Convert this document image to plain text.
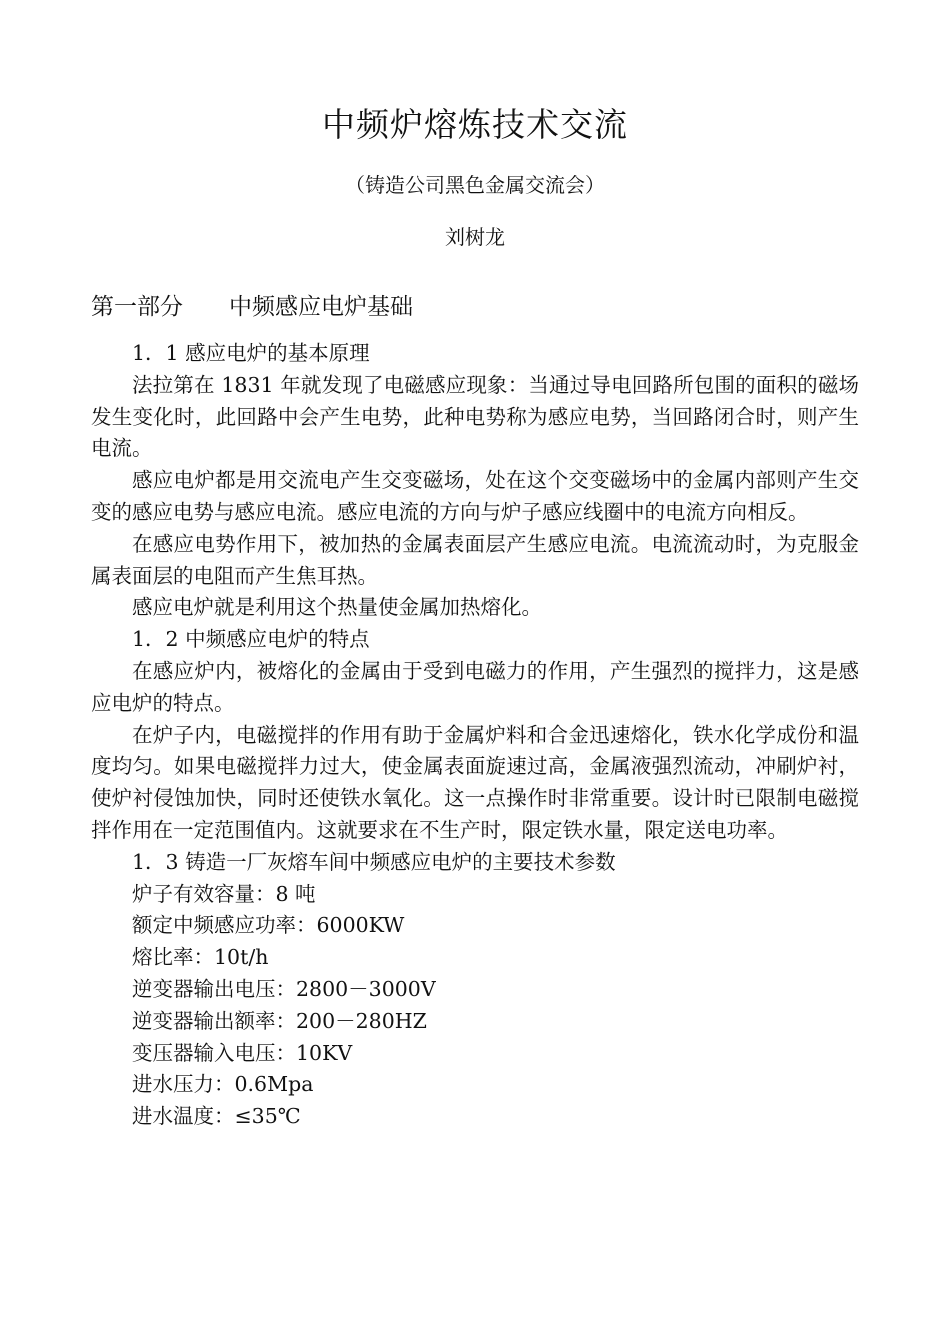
中频炉熔炼技术交流
（铸造公司黑色金属交流会）
刘树龙
第一部分　　中频感应电炉基础

1．1 感应电炉的基本原理

法拉第在 1831 年就发现了电磁感应现象：当通过导电回路所包围的面积的磁场发生变化时，此回路中会产生电势，此种电势称为感应电势，当回路闭合时，则产生电流。

感应电炉都是用交流电产生交变磁场，处在这个交变磁场中的金属内部则产生交变的感应电势与感应电流。感应电流的方向与炉子感应线圈中的电流方向相反。

在感应电势作用下，被加热的金属表面层产生感应电流。电流流动时，为克服金属表面层的电阻而产生焦耳热。

感应电炉就是利用这个热量使金属加热熔化。

1．2 中频感应电炉的特点

在感应炉内，被熔化的金属由于受到电磁力的作用，产生强烈的搅拌力，这是感应电炉的特点。

在炉子内，电磁搅拌的作用有助于金属炉料和合金迅速熔化，铁水化学成份和温度均匀。如果电磁搅拌力过大，使金属表面旋速过高，金属液强烈流动，冲刷炉衬，使炉衬侵蚀加快，同时还使铁水氧化。这一点操作时非常重要。设计时已限制电磁搅拌作用在一定范围值内。这就要求在不生产时，限定铁水量，限定送电功率。

1．3 铸造一厂灰熔车间中频感应电炉的主要技术参数

炉子有效容量：8 吨

额定中频感应功率：6000KW

熔比率：10t/h

逆变器输出电压：2800－3000V

逆变器输出额率：200－280HZ

变压器输入电压：10KV

进水压力：0.6Mpa

进水温度：≤35℃
